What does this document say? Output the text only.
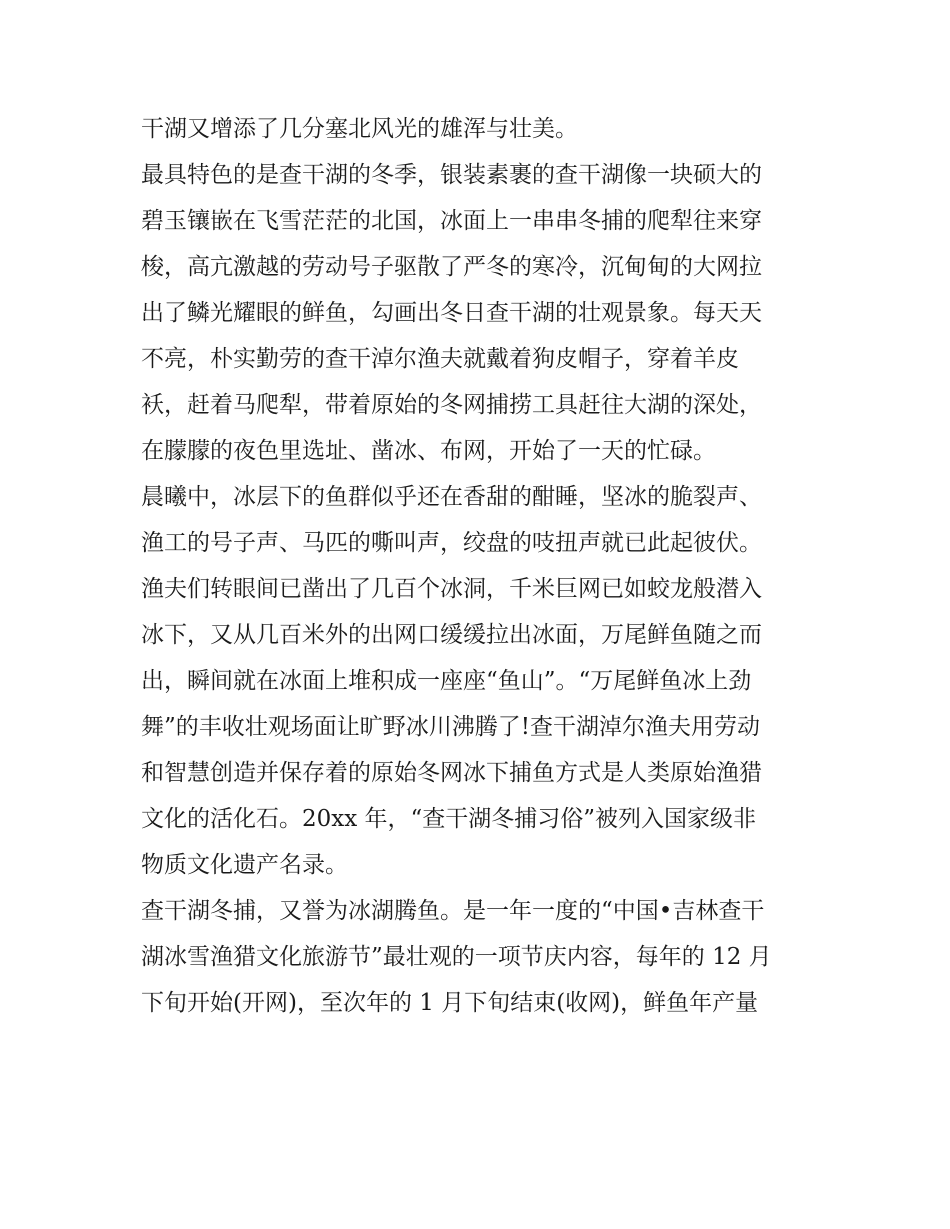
干湖又增添了几分塞北风光的雄浑与壮美。
最具特色的是查干湖的冬季，银装素裹的查干湖像一块硕大的
碧玉镶嵌在飞雪茫茫的北国，冰面上一串串冬捕的爬犁往来穿
梭，高亢激越的劳动号子驱散了严冬的寒冷，沉甸甸的大网拉
出了鳞光耀眼的鲜鱼，勾画出冬日查干湖的壮观景象。每天天
不亮，朴实勤劳的查干淖尔渔夫就戴着狗皮帽子，穿着羊皮
袄，赶着马爬犁，带着原始的冬网捕捞工具赶往大湖的深处，
在朦朦的夜色里选址、凿冰、布网，开始了一天的忙碌。
晨曦中，冰层下的鱼群似乎还在香甜的酣睡，坚冰的脆裂声、
渔工的号子声、马匹的嘶叫声，绞盘的吱扭声就已此起彼伏。
渔夫们转眼间已凿出了几百个冰洞，千米巨网已如蛟龙般潜入
冰下，又从几百米外的出网口缓缓拉出冰面，万尾鲜鱼随之而
出，瞬间就在冰面上堆积成一座座“鱼山”。“万尾鲜鱼冰上劲
舞”的丰收壮观场面让旷野冰川沸腾了!查干湖淖尔渔夫用劳动
和智慧创造并保存着的原始冬网冰下捕鱼方式是人类原始渔猎
文化的活化石。20xx 年，“查干湖冬捕习俗”被列入国家级非
物质文化遗产名录。
查干湖冬捕，又誉为冰湖腾鱼。是一年一度的“中国•吉林查干
湖冰雪渔猎文化旅游节”最壮观的一项节庆内容，每年的 12 月
下旬开始(开网)，至次年的 1 月下旬结束(收网)，鲜鱼年产量
